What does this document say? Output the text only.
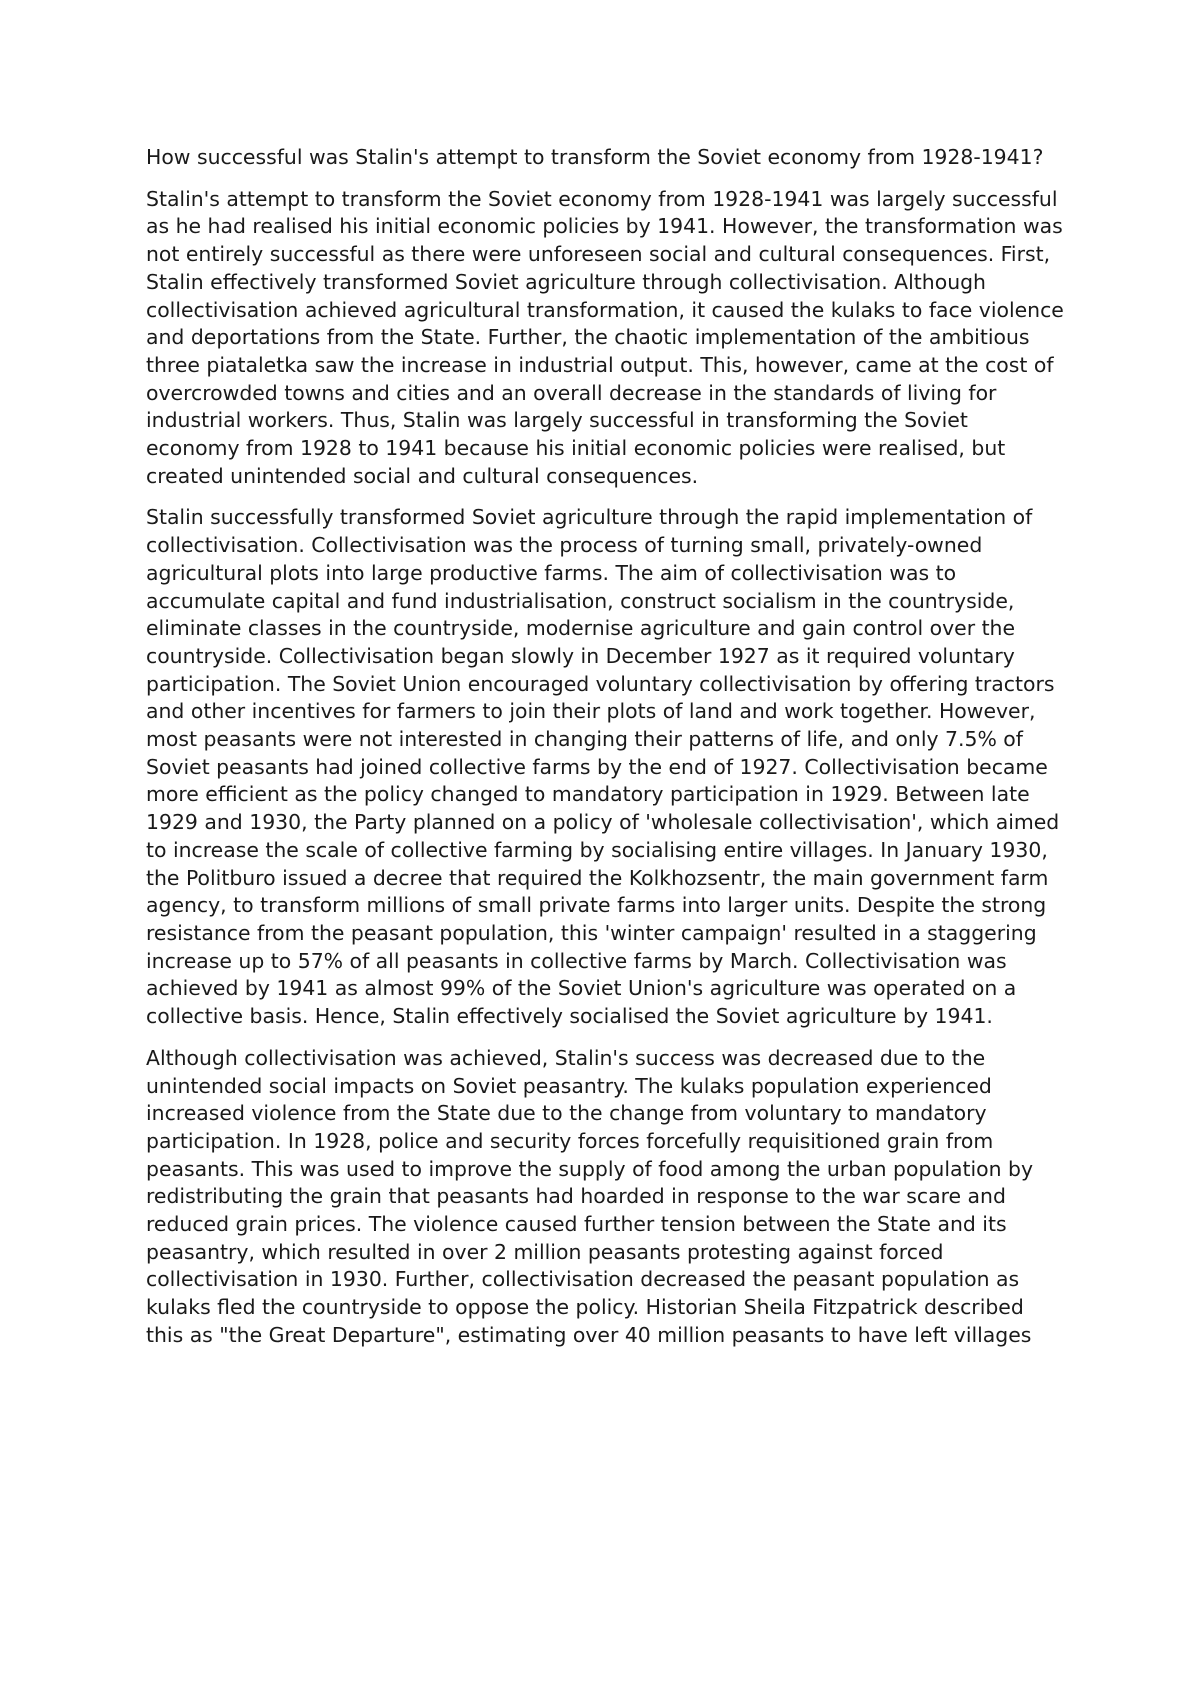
How successful was Stalin's attempt to transform the Soviet economy from 1928-1941?

Stalin's attempt to transform the Soviet economy from 1928-1941 was largely successful as he had realised his initial economic policies by 1941. However, the transformation was not entirely successful as there were unforeseen social and cultural consequences. First, Stalin effectively transformed Soviet agriculture through collectivisation. Although collectivisation achieved agricultural transformation, it caused the kulaks to face violence and deportations from the State. Further, the chaotic implementation of the ambitious three piataletka saw the increase in industrial output. This, however, came at the cost of overcrowded towns and cities and an overall decrease in the standards of living for industrial workers. Thus, Stalin was largely successful in transforming the Soviet economy from 1928 to 1941 because his initial economic policies were realised, but created unintended social and cultural consequences.

Stalin successfully transformed Soviet agriculture through the rapid implementation of collectivisation. Collectivisation was the process of turning small, privately-owned agricultural plots into large productive farms. The aim of collectivisation was to accumulate capital and fund industrialisation, construct socialism in the countryside, eliminate classes in the countryside, modernise agriculture and gain control over the countryside. Collectivisation began slowly in December 1927 as it required voluntary participation. The Soviet Union encouraged voluntary collectivisation by offering tractors and other incentives for farmers to join their plots of land and work together. However, most peasants were not interested in changing their patterns of life, and only 7.5% of Soviet peasants had joined collective farms by the end of 1927. Collectivisation became more efficient as the policy changed to mandatory participation in 1929. Between late 1929 and 1930, the Party planned on a policy of 'wholesale collectivisation', which aimed to increase the scale of collective farming by socialising entire villages. In January 1930, the Politburo issued a decree that required the Kolkhozsentr, the main government farm agency, to transform millions of small private farms into larger units. Despite the strong resistance from the peasant population, this 'winter campaign' resulted in a staggering increase up to 57% of all peasants in collective farms by March. Collectivisation was achieved by 1941 as almost 99% of the Soviet Union's agriculture was operated on a collective basis. Hence, Stalin effectively socialised the Soviet agriculture by 1941.

Although collectivisation was achieved, Stalin's success was decreased due to the unintended social impacts on Soviet peasantry. The kulaks population experienced increased violence from the State due to the change from voluntary to mandatory participation. In 1928, police and security forces forcefully requisitioned grain from peasants. This was used to improve the supply of food among the urban population by redistributing the grain that peasants had hoarded in response to the war scare and reduced grain prices. The violence caused further tension between the State and its peasantry, which resulted in over 2 million peasants protesting against forced collectivisation in 1930. Further, collectivisation decreased the peasant population as kulaks fled the countryside to oppose the policy. Historian Sheila Fitzpatrick described this as "the Great Departure", estimating over 40 million peasants to have left villages
